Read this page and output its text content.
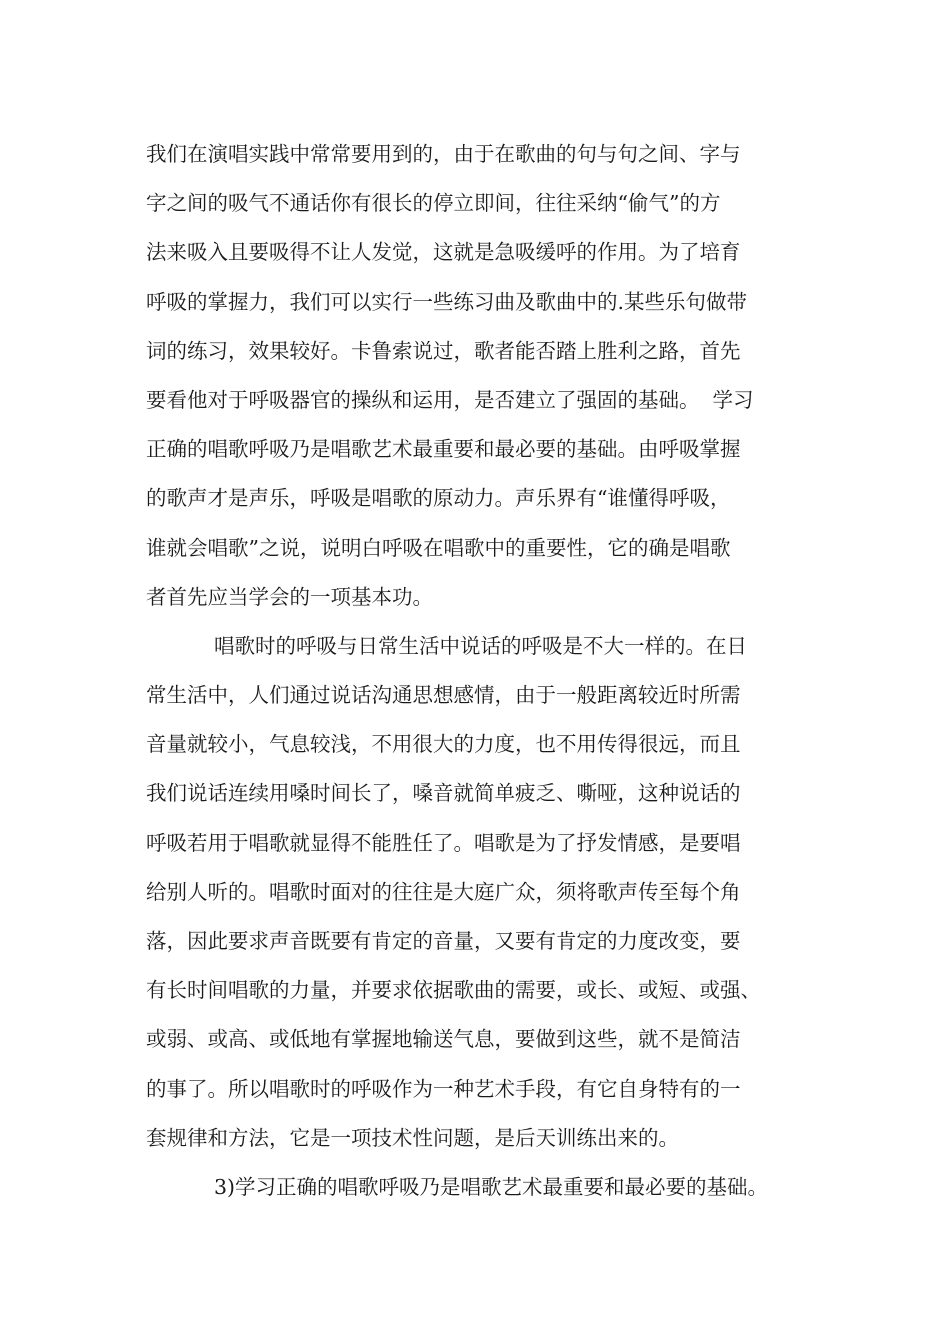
我们在演唱实践中常常要用到的，由于在歌曲的句与句之间、字与
字之间的吸气不通话你有很长的停立即间，往往采纳“偷气”的方
法来吸入且要吸得不让人发觉，这就是急吸缓呼的作用。为了培育
呼吸的掌握力，我们可以实行一些练习曲及歌曲中的.某些乐句做带
词的练习，效果较好。卡鲁索说过，歌者能否踏上胜利之路，首先
要看他对于呼吸器官的操纵和运用，是否建立了强固的基础。  学习
正确的唱歌呼吸乃是唱歌艺术最重要和最必要的基础。由呼吸掌握
的歌声才是声乐，呼吸是唱歌的原动力。声乐界有“谁懂得呼吸，
谁就会唱歌”之说，说明白呼吸在唱歌中的重要性，它的确是唱歌
者首先应当学会的一项基本功。
唱歌时的呼吸与日常生活中说话的呼吸是不大一样的。在日
常生活中，人们通过说话沟通思想感情，由于一般距离较近时所需
音量就较小，气息较浅，不用很大的力度，也不用传得很远，而且
我们说话连续用嗓时间长了，嗓音就简单疲乏、嘶哑，这种说话的
呼吸若用于唱歌就显得不能胜任了。唱歌是为了抒发情感，是要唱
给别人听的。唱歌时面对的往往是大庭广众，须将歌声传至每个角
落，因此要求声音既要有肯定的音量，又要有肯定的力度改变，要
有长时间唱歌的力量，并要求依据歌曲的需要，或长、或短、或强、
或弱、或高、或低地有掌握地输送气息，要做到这些，就不是简洁
的事了。所以唱歌时的呼吸作为一种艺术手段，有它自身特有的一
套规律和方法，它是一项技术性问题，是后天训练出来的。
3)学习正确的唱歌呼吸乃是唱歌艺术最重要和最必要的基础。
